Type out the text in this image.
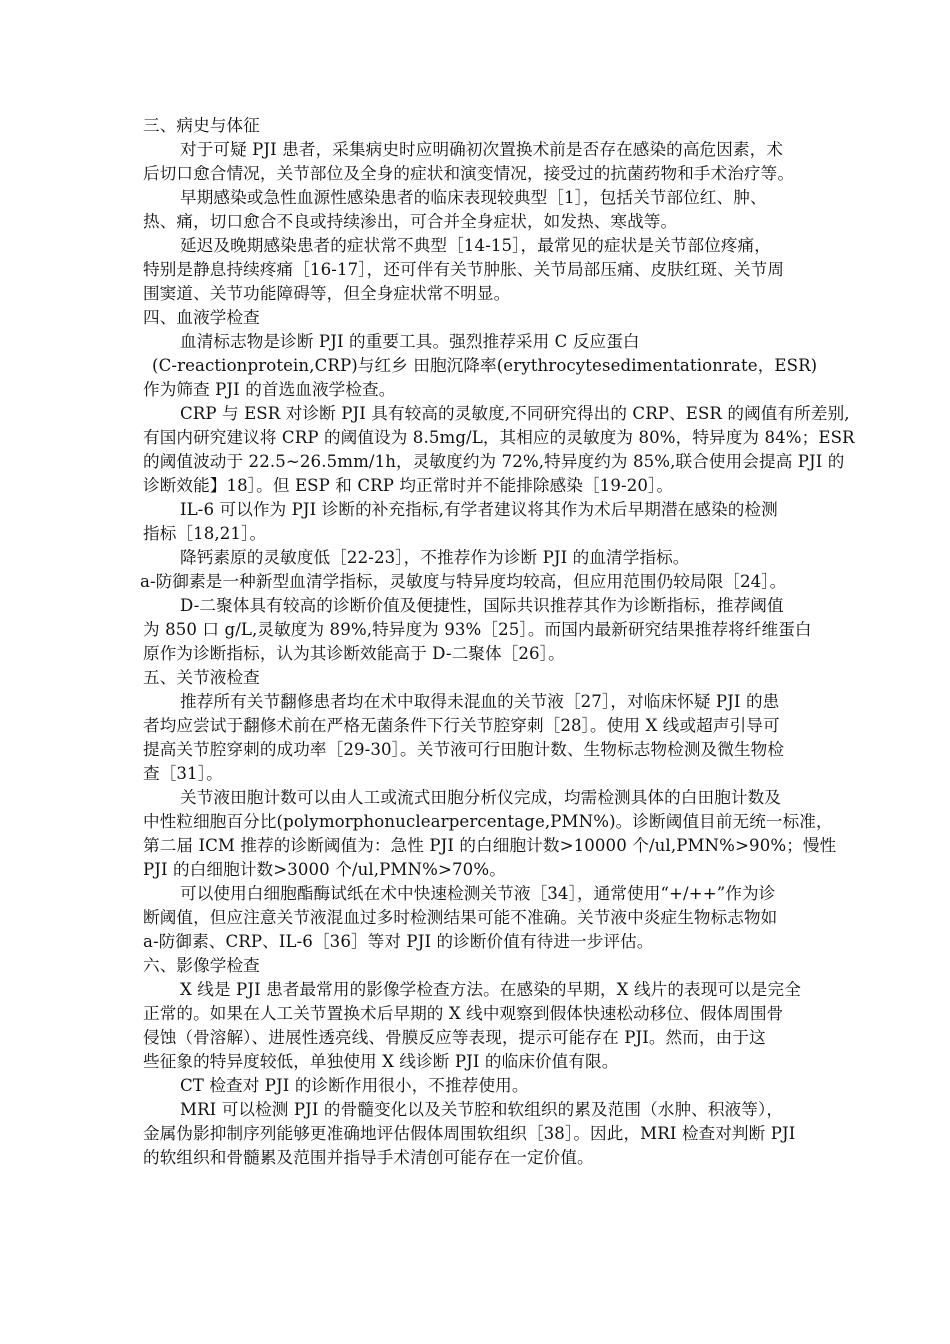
三、病史与体征
对于可疑 PJI 患者，采集病史时应明确初次置换术前是否存在感染的高危因素，术
后切口愈合情况，关节部位及全身的症状和演变情况，接受过的抗菌药物和手术治疗等。
早期感染或急性血源性感染患者的临床表现较典型［1］，包括关节部位红、肿、
热、痛，切口愈合不良或持续渗出，可合并全身症状，如发热、寒战等。
延迟及晚期感染患者的症状常不典型［14-15］，最常见的症状是关节部位疼痛，
特别是静息持续疼痛［16-17］，还可伴有关节肿胀、关节局部压痛、皮肤红斑、关节周
围窦道、关节功能障碍等，但全身症状常不明显。
四、血液学检查
血清标志物是诊断 PJI 的重要工具。强烈推荐采用 C 反应蛋白
(C-reactionprotein,CRP)与红乡 田胞沉降率(erythrocytesedimentationrate，ESR)
作为筛查 PJI 的首选血液学检查。
CRP 与 ESR 对诊断 PJI 具有较高的灵敏度,不同研究得出的 CRP、ESR 的阈值有所差别,
有国内研究建议将 CRP 的阈值设为 8.5mg/L，其相应的灵敏度为 80%，特异度为 84%；ESR
的阈值波动于 22.5~26.5mm/1h，灵敏度约为 72%,特异度约为 85%,联合使用会提高 PJI 的
诊断效能】18］。但 ESP 和 CRP 均正常时并不能排除感染［19-20］。
IL-6 可以作为 PJI 诊断的补充指标,有学者建议将其作为术后早期潜在感染的检测
指标［18,21］。
降钙素原的灵敏度低［22-23］，不推荐作为诊断 PJI 的血清学指标。
a-防御素是一种新型血清学指标，灵敏度与特异度均较高，但应用范围仍较局限［24］。
D-二聚体具有较高的诊断价值及便捷性，国际共识推荐其作为诊断指标，推荐阈值
为 850 口 g/L,灵敏度为 89%,特异度为 93%［25］。而国内最新研究结果推荐将纤维蛋白
原作为诊断指标，认为其诊断效能高于 D-二聚体［26］。
五、关节液检查
推荐所有关节翻修患者均在术中取得未混血的关节液［27］，对临床怀疑 PJI 的患
者均应尝试于翻修术前在严格无菌条件下行关节腔穿刺［28］。使用 X 线或超声引导可
提高关节腔穿刺的成功率［29-30］。关节液可行田胞计数、生物标志物检测及微生物检
查［31］。
关节液田胞计数可以由人工或流式田胞分析仪完成，均需检测具体的白田胞计数及
中性粒细胞百分比(polymorphonuclearpercentage,PMN%)。诊断阈值目前无统一标准，
第二届 ICM 推荐的诊断阈值为：急性 PJI 的白细胞计数>10000 个/ul,PMN%>90%；慢性
PJI 的白细胞计数>3000 个/ul,PMN%>70%。
可以使用白细胞酯酶试纸在术中快速检测关节液［34］，通常使用“+/++”作为诊
断阈值，但应注意关节液混血过多时检测结果可能不准确。关节液中炎症生物标志物如
a-防御素、CRP、IL-6［36］等对 PJI 的诊断价值有待进一步评估。
六、影像学检查
X 线是 PJI 患者最常用的影像学检查方法。在感染的早期，X 线片的表现可以是完全
正常的。如果在人工关节置换术后早期的 X 线中观察到假体快速松动移位、假体周围骨
侵蚀（骨溶解）、进展性透亮线、骨膜反应等表现，提示可能存在 PJI。然而，由于这
些征象的特异度较低，单独使用 X 线诊断 PJI 的临床价值有限。
CT 检查对 PJI 的诊断作用很小，不推荐使用。
MRI 可以检测 PJI 的骨髓变化以及关节腔和软组织的累及范围（水肿、积液等），
金属伪影抑制序列能够更准确地评估假体周围软组织［38］。因此，MRI 检查对判断 PJI
的软组织和骨髓累及范围并指导手术清创可能存在一定价值。
